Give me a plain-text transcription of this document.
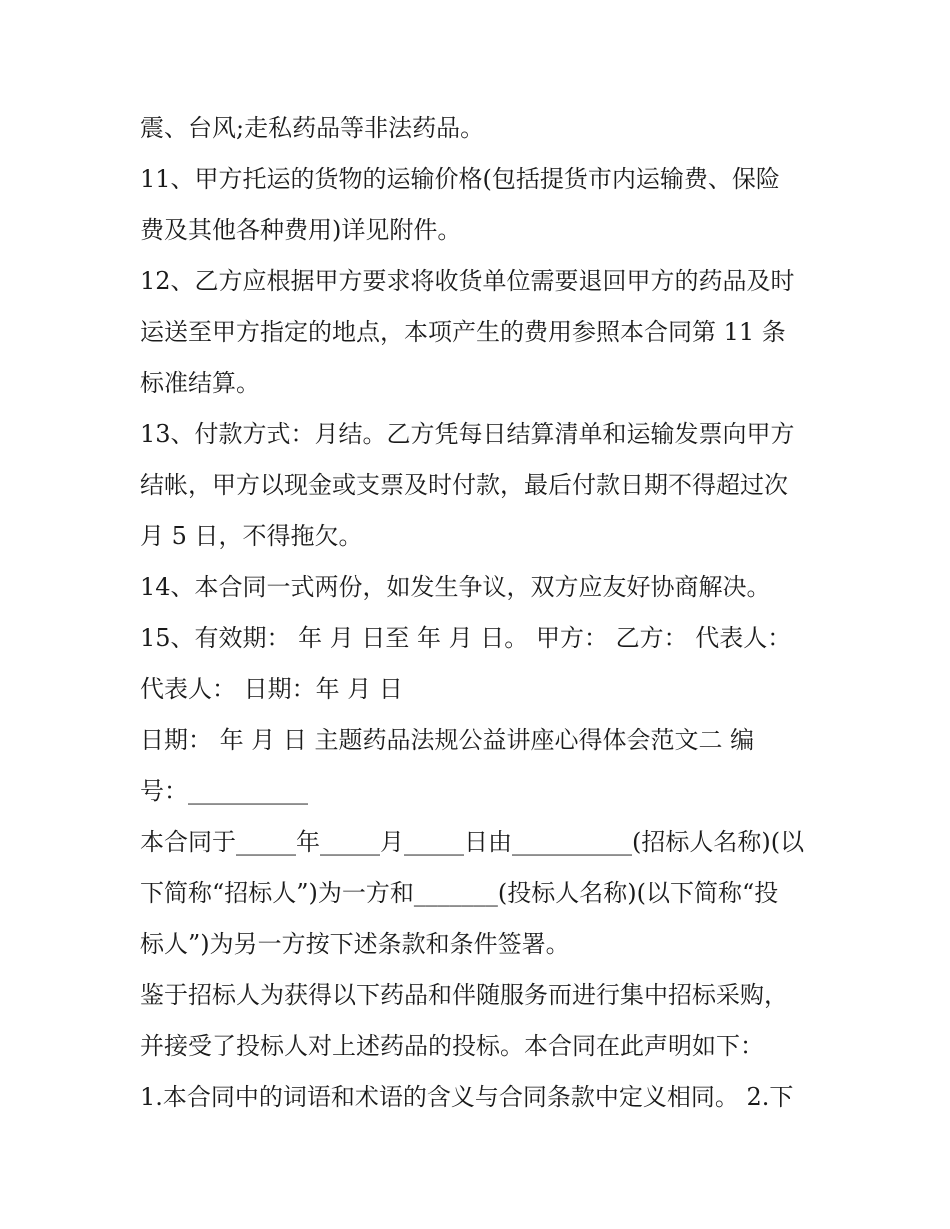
震、台风;走私药品等非法药品。
11、甲方托运的货物的运输价格(包括提货市内运输费、保险
费及其他各种费用)详见附件。
12、乙方应根据甲方要求将收货单位需要退回甲方的药品及时
运送至甲方指定的地点，本项产生的费用参照本合同第 11 条
标准结算。
13、付款方式：月结。乙方凭每日结算清单和运输发票向甲方
结帐，甲方以现金或支票及时付款，最后付款日期不得超过次
月 5 日，不得拖欠。
14、本合同一式两份，如发生争议，双方应友好协商解决。
15、有效期： 年 月 日至 年 月 日。 甲方： 乙方： 代表人：
代表人： 日期：年 月 日
日期： 年 月 日 主题药品法规公益讲座心得体会范文二 编
号：__________
本合同于_____年_____月_____日由__________(招标人名称)(以
下简称“招标人”)为一方和_______(投标人名称)(以下简称“投
标人”)为另一方按下述条款和条件签署。
鉴于招标人为获得以下药品和伴随服务而进行集中招标采购，
并接受了投标人对上述药品的投标。本合同在此声明如下：
1.本合同中的词语和术语的含义与合同条款中定义相同。 2.下
